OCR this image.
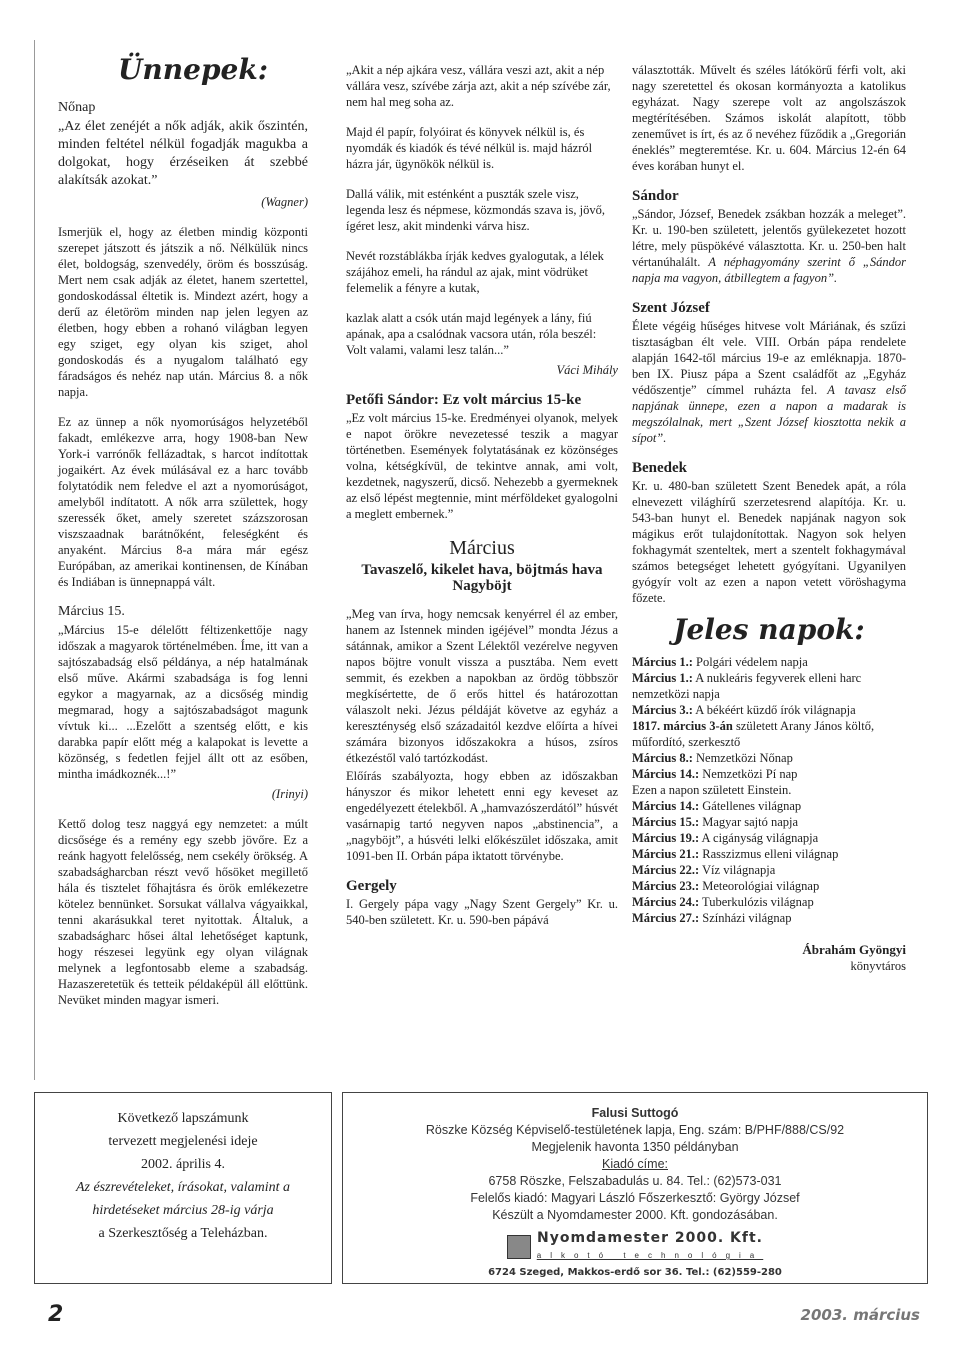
Ünnepek:
Nőnap

„Az élet zenéjét a nők adják, akik őszintén, minden feltétel nélkül fogadják magukba a dolgokat, hogy érzéseiken át szebbé alakítsák azokat.”

(Wagner)

Ismerjük el, hogy az életben mindig központi szerepet játszott és játszik a nő. Nélkülük nincs élet, boldogság, szenvedély, öröm és bosszúság. Mert nem csak adják az életet, hanem szertettel, gondoskodással éltetik is. Mindezt azért, hogy a derű az életöröm minden nap jelen legyen az életben, hogy ebben a rohanó világban legyen egy sziget, egy olyan kis sziget, ahol gondoskodás és a nyugalom található egy fáradságos és nehéz nap után. Március 8. a nők napja.

Ez az ünnep a nők nyomorúságos helyzetéből fakadt, emlékezve arra, hogy 1908-ban New York-i varrónők fellázadtak, s harcot indítottak jogaikért. Az évek múlásával ez a harc tovább folytatódik nem feledve el azt a nyomorúságot, amelyből indítatott. A nők arra születtek, hogy szeressék őket, amely szeretet százszorosan viszszaadnak barátnőként, feleségként és anyaként. Március 8-a mára már egész Európában, az amerikai kontinensen, de Kínában és Indiában is ünnepnappá vált.

Március 15.

„Március 15-e délelőtt féltizenkettője nagy időszak a magyarok történelmében. Íme, itt van a sajtószabadság első példánya, a nép hatalmának első műve. Akármi szabadsága is fog lenni egykor a magyarnak, az a dicsőség mindig megmarad, hogy a sajtószabadságot magunk vívtuk ki... ...Ezelőtt a szentség előtt, e kis darabka papír előtt még a kalapokat is levette a közönség, s fedetlen fejjel állt ott az esőben, mintha imádkoznék...!”

(Irinyi)

Kettő dolog tesz naggyá egy nemzetet: a múlt dicsősége és a remény egy szebb jövőre. Ez a reánk hagyott felelősség, nem csekély örökség. A szabadságharcban részt vevő hősöket megillető hála és tisztelet főhajtásra és örök emlékezetre kötelez bennünket. Sorsukat vállalva vágyaikkal, tenni akarásukkal teret nyitottak. Általuk, a szabadságharc hősei által lehetőséget kaptunk, hogy részesei legyünk egy olyan világnak melynek a legfontosabb eleme a szabadság. Hazaszeretetük és tetteik példaképül áll előttünk. Nevüket minden magyar ismeri.

„Akit a nép ajkára vesz, vállára veszi azt, akit a nép vállára vesz, szívébe zárja azt, akit a nép szívébe zár, nem hal meg soha az.

Majd él papír, folyóirat és könyvek nélkül is, és nyomdák és kiadók és tévé nélkül is. majd házról házra jár, ügynökök nélkül is.

Dallá válik, mit esténként a puszták szele visz, legenda lesz és népmese, közmondás szava is, jövő, ígéret lesz, akit mindenki várva hisz.

Nevét rozstáblákba írják kedves gyalogutak, a lélek szájához emeli, ha rándul az ajak, mint vödrüket felemelik a fényre a kutak,

kazlak alatt a csók után majd legények a lány, fiú apának, apa a csalódnak vacsora után, róla beszél: Volt valami, valami lesz talán...”

Váci Mihály
Petőfi Sándor: Ez volt március 15-ke

„Ez volt március 15-ke. Eredményei olyanok, melyek e napot örökre nevezetessé teszik a magyar történetben. Események folytatásának ez közönséges volna, kétségkívül, de tekintve annak, ami volt, kezdetnek, nagyszerű, dicső. Nehezebb a gyermeknek az első lépést megtennie, mint mérföldeket gyalogolni a meglett embernek.”

Március
Tavaszelő, kikelet hava, böjtmás hava Nagyböjt

„Meg van írva, hogy nemcsak kenyérrel él az ember, hanem az Istennek minden igéjével” mondta Jézus a sátánnak, amikor a Szent Lélektől vezérelve negyven napos böjtre vonult vissza a pusztába. Nem evett semmit, és ezekben a napokban az ördög többször megkísértette, de ő erős hittel és határozottan válaszolt neki. Jézus példáját követve az egyház a kereszténység első századaitól kezdve előírta a hívei számára bizonyos időszakokra a húsos, zsíros étkezéstől való tartózkodást.

Előírás szabályozta, hogy ebben az időszakban hányszor és mikor lehetett enni egy keveset az engedélyezett ételekből. A „hamvazószerdától” húsvét vasárnapig tartó negyven napos „abstinencia”, a „nagyböjt”, a húsvéti lelki előkészület időszaka, amit 1091-ben II. Orbán pápa iktatott törvénybe.

Gergely

I. Gergely pápa vagy „Nagy Szent Gergely” Kr. u. 540-ben született. Kr. u. 590-ben pápává

választották. Művelt és széles látókörű férfi volt, aki nagy szeretettel és okosan kormányozta a katolikus egyházat. Nagy szerepe volt az angolszászok megtérítésében. Számos iskolát alapított, több zeneművet is írt, és az ő nevéhez fűződik a „Gregorián éneklés” megteremtése. Kr. u. 604. Március 12-én 64 éves korában hunyt el.

Sándor

„Sándor, József, Benedek zsákban hozzák a meleget”. Kr. u. 190-ben született, jelentős gyülekezetet hozott létre, mely püspökévé választotta. Kr. u. 250-ben halt vértanúhalált. A néphagyomány szerint ő „Sándor napja ma vagyon, átbillegtem a fagyon”.

Szent József

Élete végéig hűséges hitvese volt Máriának, és szűzi tisztaságban élt vele. VIII. Orbán pápa rendelete alapján 1642-től március 19-e az emléknapja. 1870-ben IX. Piusz pápa a Szent családfőt az „Egyház védőszentje” címmel ruházta fel. A tavasz első napjának ünnepe, ezen a napon a madarak is megszólalnak, mert „Szent József kiosztotta nekik a sípot”.

Benedek

Kr. u. 480-ban született Szent Benedek apát, a róla elnevezett világhírű szerzetesrend alapítója. Kr. u. 543-ban hunyt el. Benedek napjának nagyon sok mágikus erőt tulajdonítottak. Nagyon sok helyen fokhagymát szenteltek, mert a szentelt fokhagymával számos betegséget lehetett gyógyítani. Ugyanilyen gyógyír volt az ezen a napon vetett vöröshagyma főzete.

Jeles napok:
Március 1.: Polgári védelem napja
Március 1.: A nukleáris fegyverek elleni harc nemzetközi napja
Március 3.: A békéért küzdő írók világnapja
1817. március 3-án született Arany János költő, műfordító, szerkesztő
Március 8.: Nemzetközi Nőnap
Március 14.: Nemzetközi Pí nap
Ezen a napon született Einstein.
Március 14.: Gátellenes világnap
Március 15.: Magyar sajtó napja
Március 19.: A cigányság világnapja
Március 21.: Rasszizmus elleni világnap
Március 22.: Víz világnapja
Március 23.: Meteorológiai világnap
Március 24.: Tuberkulózis világnap
Március 27.: Színházi világnap
Ábrahám Gyöngyi
könyvtáros
Következő lapszámunk
tervezett megjelenési ideje
2002. április 4.
Az észrevételeket, írásokat, valamint a
hirdetéseket március 28-ig várja
a Szerkesztőség a Teleházban.
Falusi Suttogó
Röszke Község Képviselő-testületének lapja, Eng. szám: B/PHF/888/CS/92
Megjelenik havonta 1350 példányban
Kiadó címe:
6758 Röszke, Felszabadulás u. 84. Tel.: (62)573-031
Felelős kiadó: Magyari László Főszerkesztő: György József
Készült a Nyomdamester 2000. Kft. gondozásában.
Nyomdamester 2000. Kft.
alkotó technológia
6724 Szeged, Makkos-erdő sor 36. Tel.: (62)559-280
2	2003. március
